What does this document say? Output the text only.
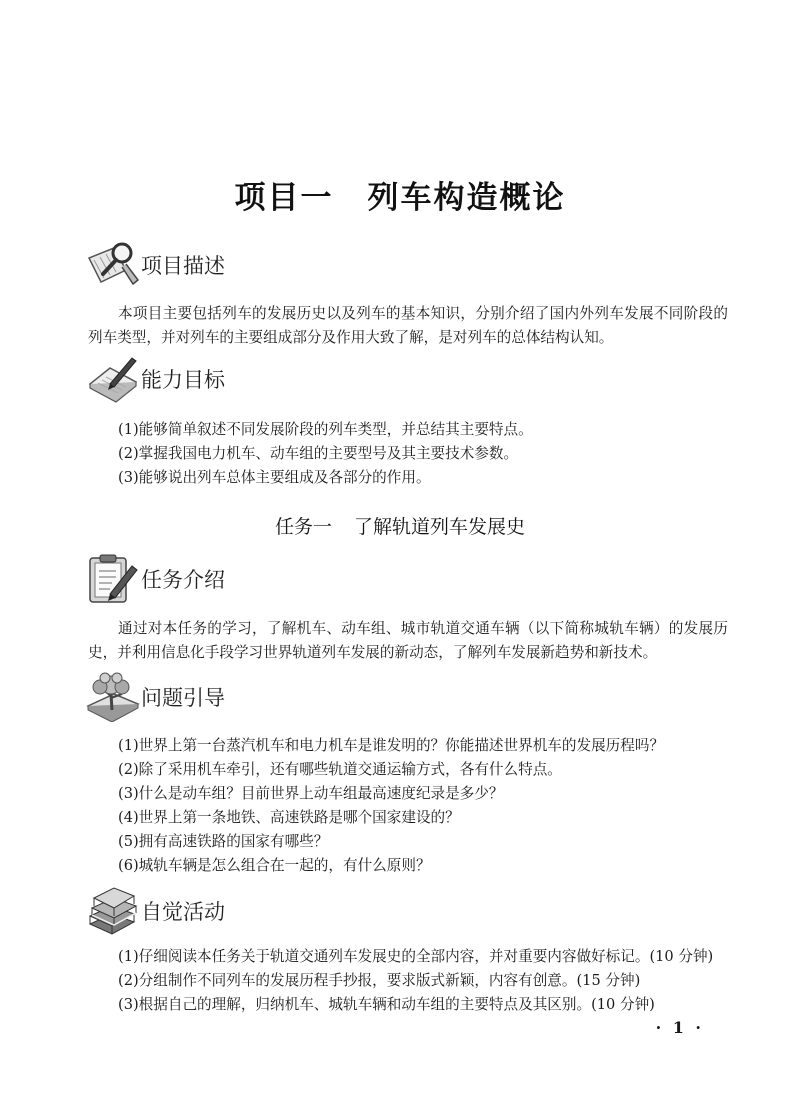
项目一 列车构造概论
项目描述

本项目主要包括列车的发展历史以及列车的基本知识，分别介绍了国内外列车发展不同阶段的列车类型，并对列车的主要组成部分及作用大致了解，是对列车的总体结构认知。

能力目标
(1)能够简单叙述不同发展阶段的列车类型，并总结其主要特点。
(2)掌握我国电力机车、动车组的主要型号及其主要技术参数。
(3)能够说出列车总体主要组成及各部分的作用。
任务一 了解轨道列车发展史
任务介绍

通过对本任务的学习，了解机车、动车组、城市轨道交通车辆（以下简称城轨车辆）的发展历史，并利用信息化手段学习世界轨道列车发展的新动态，了解列车发展新趋势和新技术。

问题引导
(1)世界上第一台蒸汽机车和电力机车是谁发明的？你能描述世界机车的发展历程吗？
(2)除了采用机车牵引，还有哪些轨道交通运输方式，各有什么特点。
(3)什么是动车组？目前世界上动车组最高速度纪录是多少？
(4)世界上第一条地铁、高速铁路是哪个国家建设的？
(5)拥有高速铁路的国家有哪些？
(6)城轨车辆是怎么组合在一起的，有什么原则？
自觉活动
(1)仔细阅读本任务关于轨道交通列车发展史的全部内容，并对重要内容做好标记。(10 分钟)
(2)分组制作不同列车的发展历程手抄报，要求版式新颖，内容有创意。(15 分钟)
(3)根据自己的理解，归纳机车、城轨车辆和动车组的主要特点及其区别。(10 分钟)
· 1 ·
